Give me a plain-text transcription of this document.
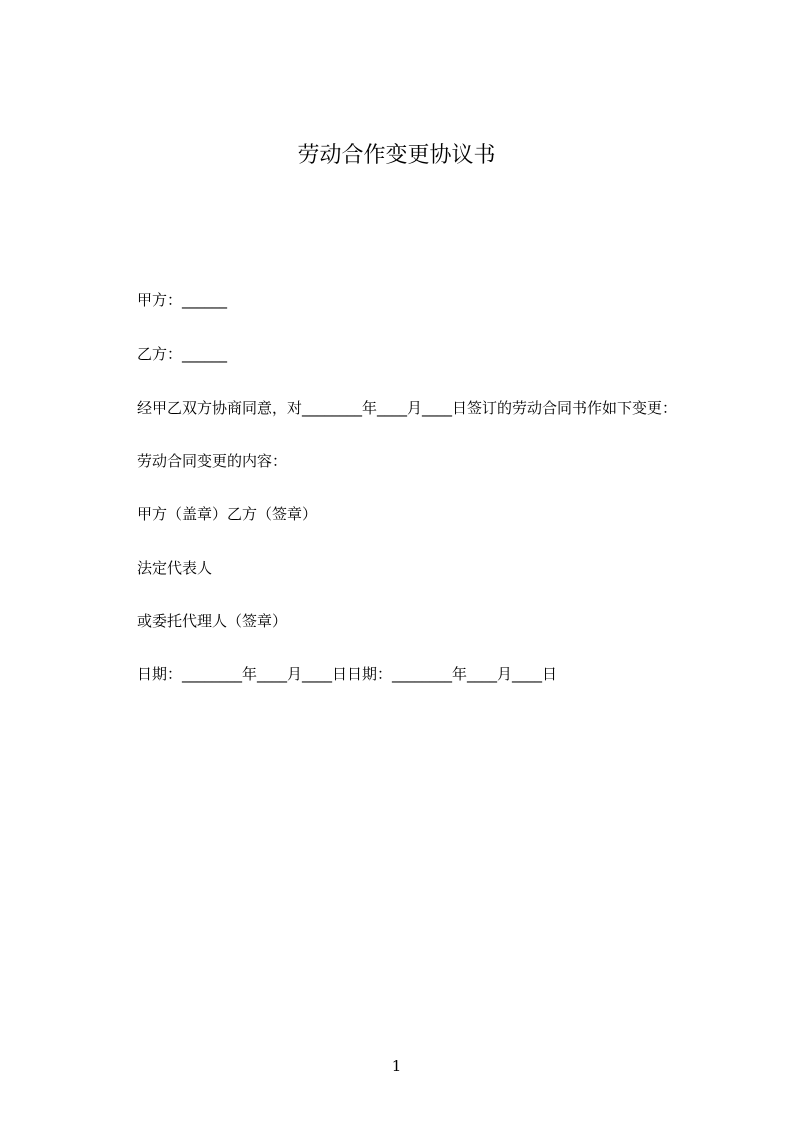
劳动合作变更协议书
甲方：______
乙方：______
经甲乙双方协商同意，对________年____月____日签订的劳动合同书作如下变更：
劳动合同变更的内容：
甲方（盖章）乙方（签章）
法定代表人
或委托代理人（签章）
日期：________年____月____日日期：________年____月____日
1
